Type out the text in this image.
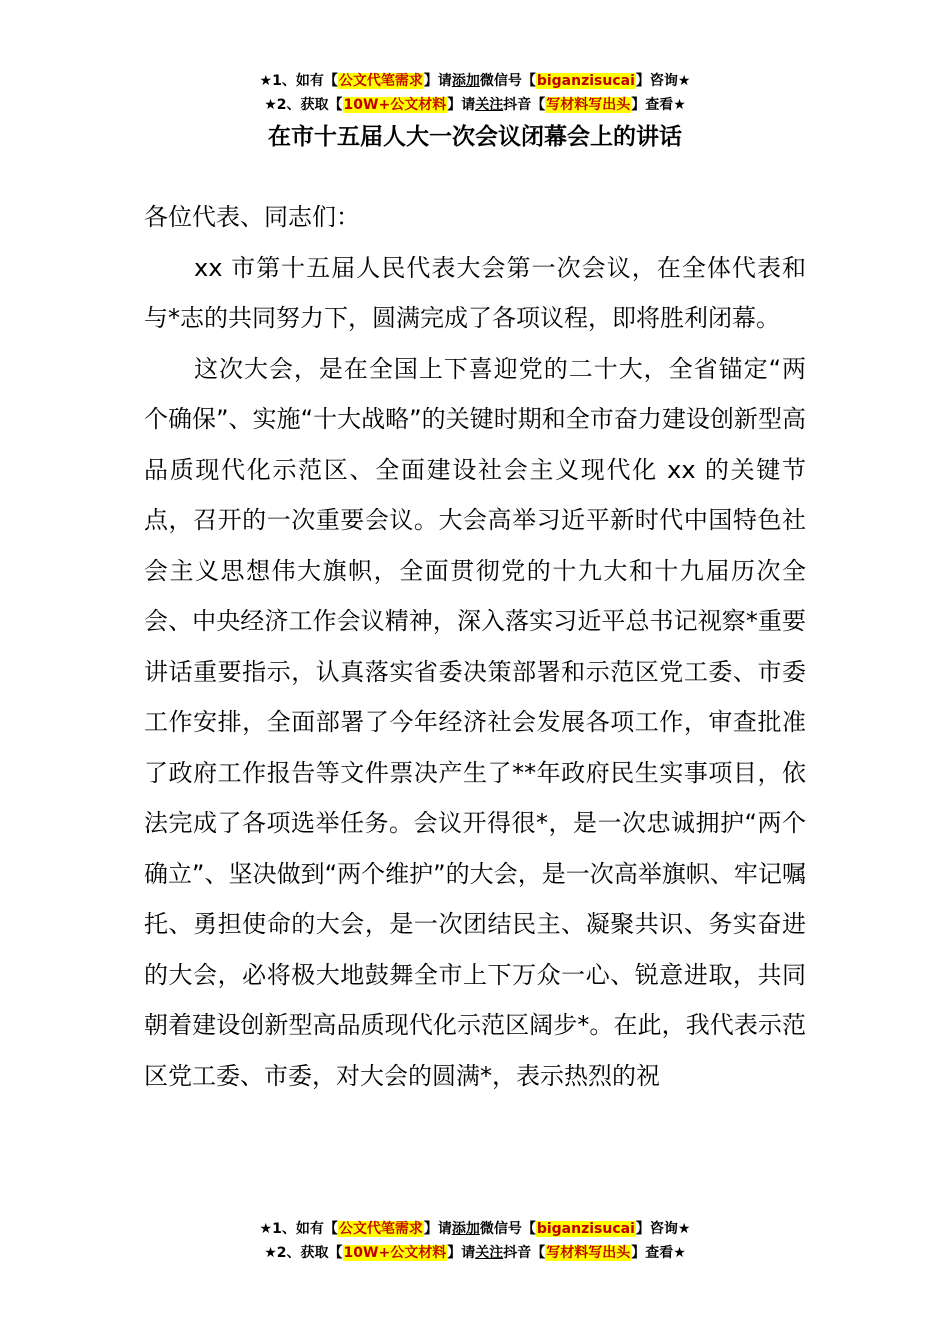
★1、如有【公文代笔需求】请添加微信号【biganzisucai】咨询★
★2、获取【10W+公文材料】请关注抖音【写材料写出头】查看★
在市十五届人大一次会议闭幕会上的讲话

各位代表、同志们：

xx 市第十五届人民代表大会第一次会议，在全体代表和与*志的共同努力下，圆满完成了各项议程，即将胜利闭幕。

这次大会，是在全国上下喜迎党的二十大，全省锚定“两个确保”、实施“十大战略”的关键时期和全市奋力建设创新型高品质现代化示范区、全面建设社会主义现代化 xx 的关键节点，召开的一次重要会议。大会高举习近平新时代中国特色社会主义思想伟大旗帜，全面贯彻党的十九大和十九届历次全会、中央经济工作会议精神，深入落实习近平总书记视察*重要讲话重要指示，认真落实省委决策部署和示范区党工委、市委工作安排，全面部署了今年经济社会发展各项工作，审查批准了政府工作报告等文件票决产生了**年政府民生实事项目，依法完成了各项选举任务。会议开得很*，是一次忠诚拥护“两个确立”、坚决做到“两个维护”的大会，是一次高举旗帜、牢记嘱托、勇担使命的大会，是一次团结民主、凝聚共识、务实奋进的大会，必将极大地鼓舞全市上下万众一心、锐意进取，共同朝着建设创新型高品质现代化示范区阔步*。在此，我代表示范区党工委、市委，对大会的圆满*，表示热烈的祝

★1、如有【公文代笔需求】请添加微信号【biganzisucai】咨询★
★2、获取【10W+公文材料】请关注抖音【写材料写出头】查看★
